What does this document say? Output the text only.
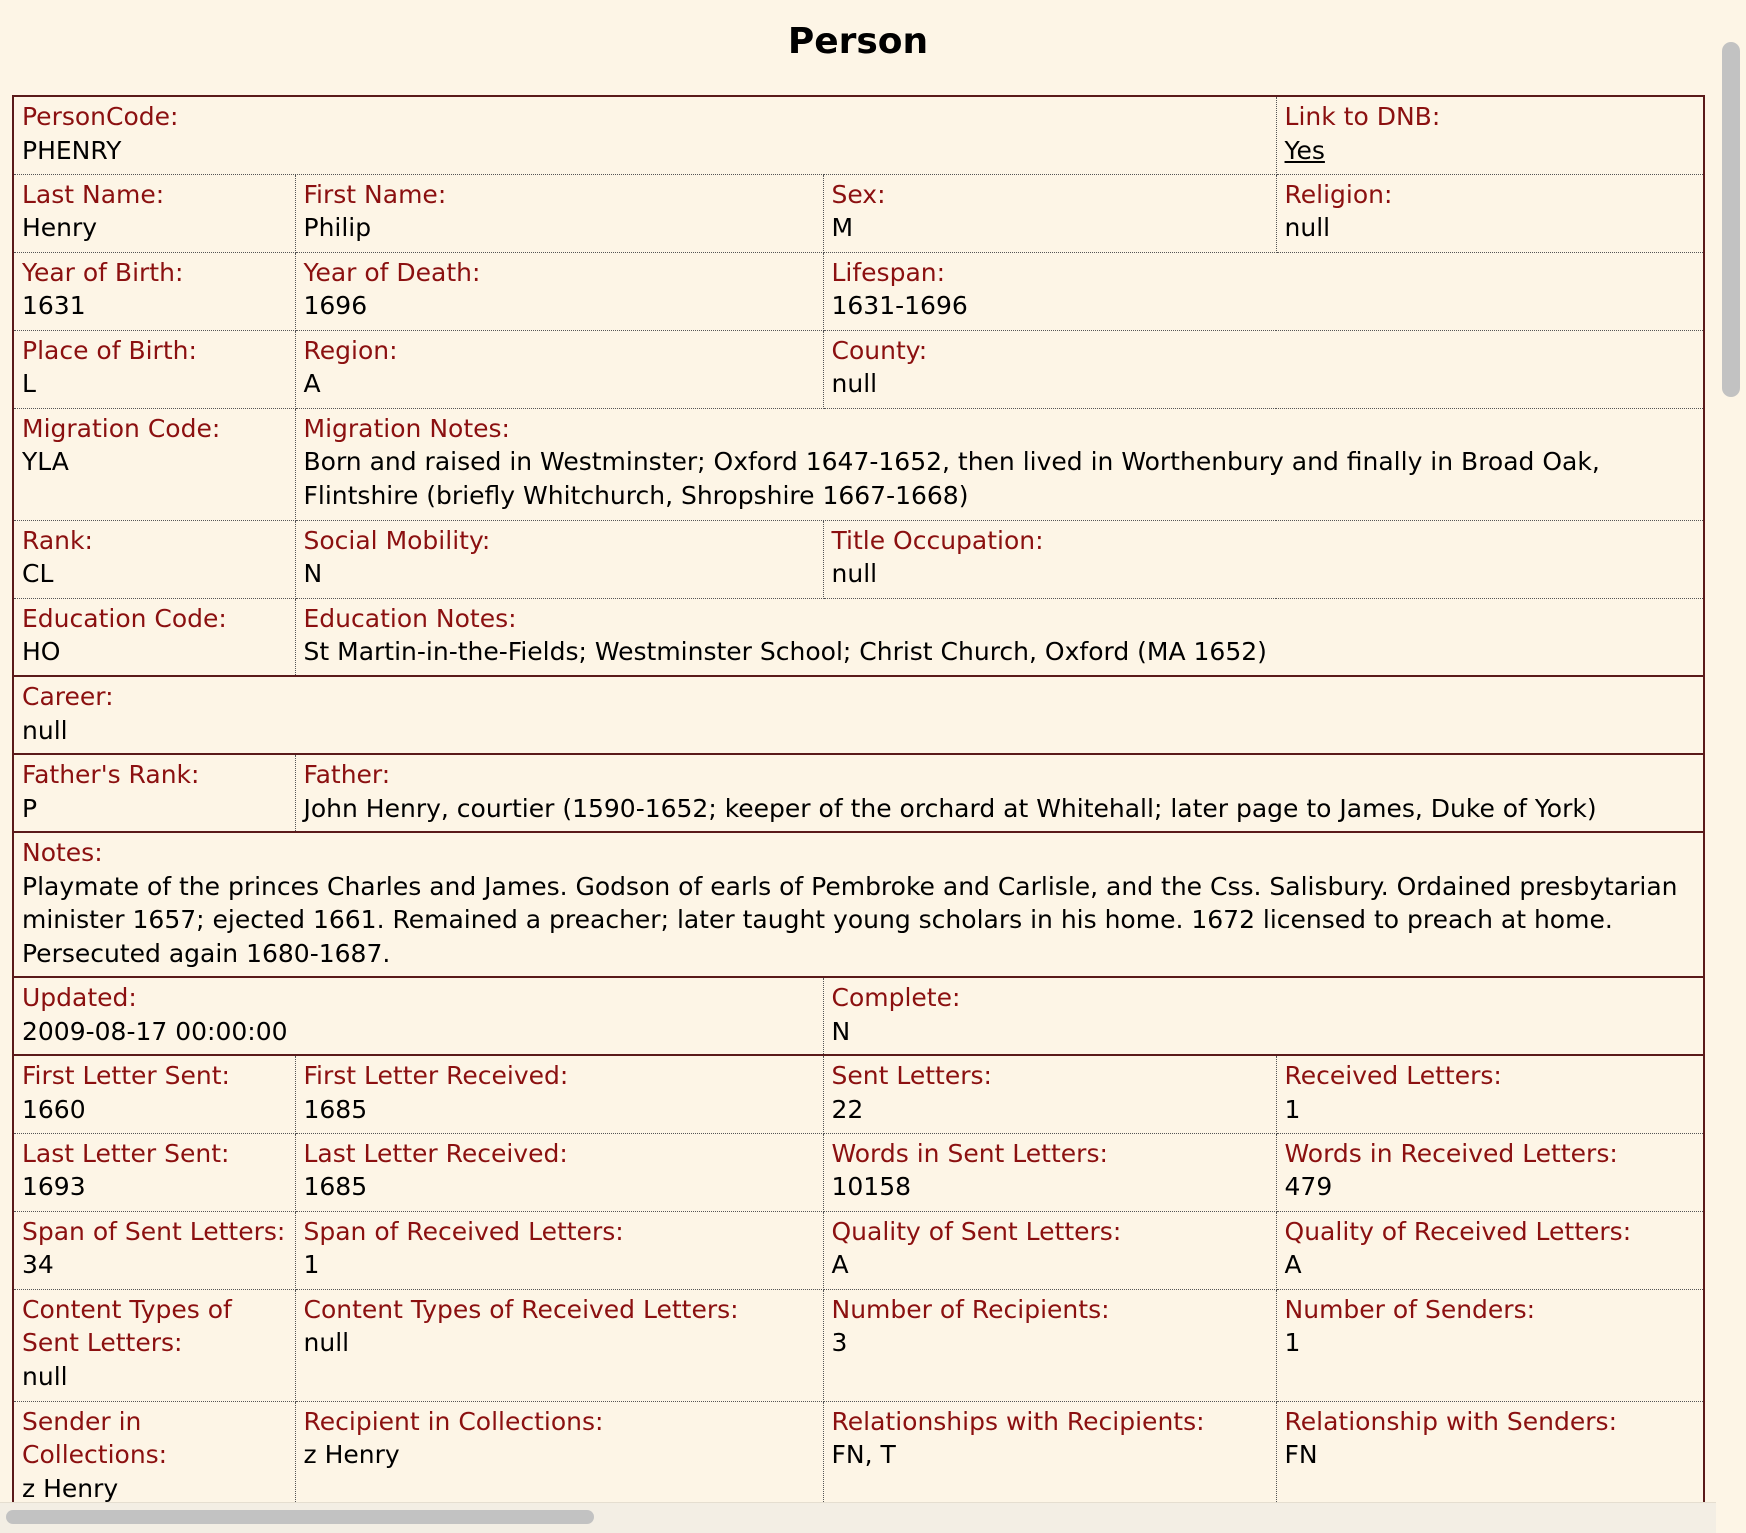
Person
PersonCode:
PHENRY			Link to DNB:
Yes

Last Name:
Henry	First Name:
Philip	Sex:
M	Religion:
null

Year of Birth:
1631	Year of Death:
1696	Lifespan:
1631-1696	

Place of Birth:
L	Region:
A	County:
null	

Migration Code:
YLA	Migration Notes:
Born and raised in Westminster; Oxford 1647-1652, then lived in Worthenbury and finally in Broad Oak, Flintshire (briefly Whitchurch, Shropshire 1667-1668)		

Rank:
CL	Social Mobility:
N	Title Occupation:
null	

Education Code:
HO	Education Notes:
St Martin-in-the-Fields; Westminster School; Christ Church, Oxford (MA 1652)		

Career:
null			

Father's Rank:
P	Father:
John Henry, courtier (1590-1652; keeper of the orchard at Whitehall; later page to James, Duke of York)		

Notes:
Playmate of the princes Charles and James. Godson of earls of Pembroke and Carlisle, and the Css. Salisbury. Ordained presbytarian minister 1657; ejected 1661. Remained a preacher; later taught young scholars in his home. 1672 licensed to preach at home. Persecuted again 1680-1687.			

Updated:
2009-08-17 00:00:00		Complete:
N	

First Letter Sent:
1660	First Letter Received:
1685	Sent Letters:
22	Received Letters:
1

Last Letter Sent:
1693	Last Letter Received:
1685	Words in Sent Letters:
10158	Words in Received Letters:
479

Span of Sent Letters:
34	Span of Received Letters:
1	Quality of Sent Letters:
A	Quality of Received Letters:
A

Content Types of Sent Letters:
null	Content Types of Received Letters:
null	Number of Recipients:
3	Number of Senders:
1

Sender in Collections:
z Henry	Recipient in Collections:
z Henry	Relationships with Recipients:
FN, T	Relationship with Senders:
FN
